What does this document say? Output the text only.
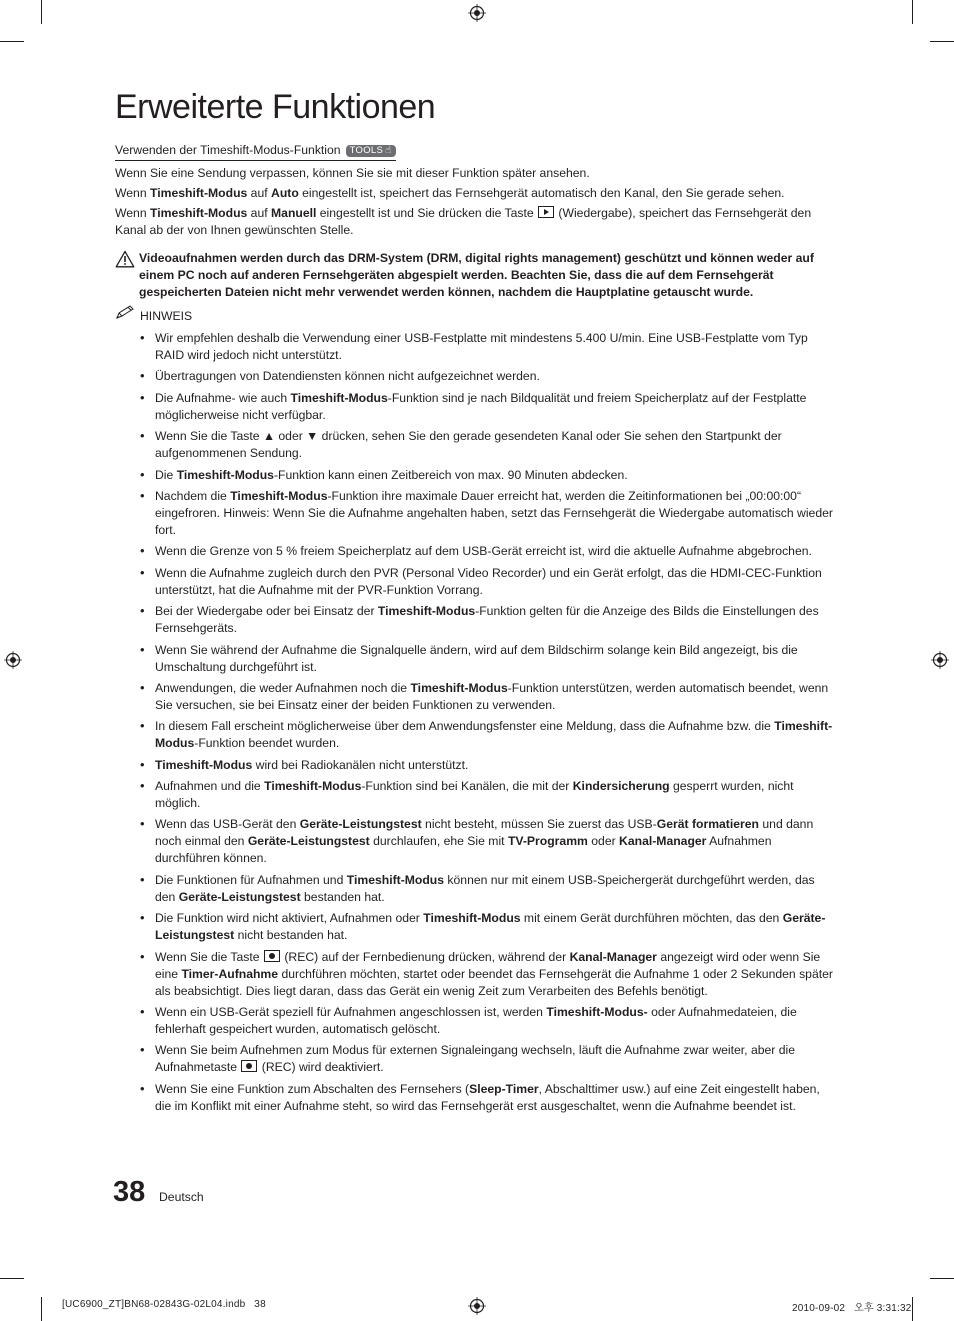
Erweiterte Funktionen
Verwenden der Timeshift-Modus-Funktion TOOLS ☝

Wenn Sie eine Sendung verpassen, können Sie sie mit dieser Funktion später ansehen.

Wenn Timeshift-Modus auf Auto eingestellt ist, speichert das Fernsehgerät automatisch den Kanal, den Sie gerade sehen.

Wenn Timeshift-Modus auf Manuell eingestellt ist und Sie drücken die Taste  (Wiedergabe), speichert das Fernsehgerät den Kanal ab der von Ihnen gewünschten Stelle.

Videoaufnahmen werden durch das DRM-System (DRM, digital rights management) geschützt und können weder auf einem PC noch auf anderen Fernsehgeräten abgespielt werden. Beachten Sie, dass die auf dem Fernsehgerät gespeicherten Dateien nicht mehr verwendet werden können, nachdem die Hauptplatine getauscht wurde.
HINWEIS
• Wir empfehlen deshalb die Verwendung einer USB-Festplatte mit mindestens 5.400 U/min. Eine USB-Festplatte vom Typ RAID wird jedoch nicht unterstützt.
• Übertragungen von Datendiensten können nicht aufgezeichnet werden.
• Die Aufnahme- wie auch Timeshift-Modus-Funktion sind je nach Bildqualität und freiem Speicherplatz auf der Festplatte möglicherweise nicht verfügbar.
• Wenn Sie die Taste ▲ oder ▼ drücken, sehen Sie den gerade gesendeten Kanal oder Sie sehen den Startpunkt der aufgenommenen Sendung.
• Die Timeshift-Modus-Funktion kann einen Zeitbereich von max. 90 Minuten abdecken.
• Nachdem die Timeshift-Modus-Funktion ihre maximale Dauer erreicht hat, werden die Zeitinformationen bei „00:00:00“ eingefroren. Hinweis: Wenn Sie die Aufnahme angehalten haben, setzt das Fernsehgerät die Wiedergabe automatisch wieder fort.
• Wenn die Grenze von 5 % freiem Speicherplatz auf dem USB-Gerät erreicht ist, wird die aktuelle Aufnahme abgebrochen.
• Wenn die Aufnahme zugleich durch den PVR (Personal Video Recorder) und ein Gerät erfolgt, das die HDMI-CEC-Funktion unterstützt, hat die Aufnahme mit der PVR-Funktion Vorrang.
• Bei der Wiedergabe oder bei Einsatz der Timeshift-Modus-Funktion gelten für die Anzeige des Bilds die Einstellungen des Fernsehgeräts.
• Wenn Sie während der Aufnahme die Signalquelle ändern, wird auf dem Bildschirm solange kein Bild angezeigt, bis die Umschaltung durchgeführt ist.
• Anwendungen, die weder Aufnahmen noch die Timeshift-Modus-Funktion unterstützen, werden automatisch beendet, wenn Sie versuchen, sie bei Einsatz einer der beiden Funktionen zu verwenden.
• In diesem Fall erscheint möglicherweise über dem Anwendungsfenster eine Meldung, dass die Aufnahme bzw. die Timeshift-Modus-Funktion beendet wurden.
• Timeshift-Modus wird bei Radiokanälen nicht unterstützt.
• Aufnahmen und die Timeshift-Modus-Funktion sind bei Kanälen, die mit der Kindersicherung gesperrt wurden, nicht möglich.
• Wenn das USB-Gerät den Geräte-Leistungstest nicht besteht, müssen Sie zuerst das USB-Gerät formatieren und dann noch einmal den Geräte-Leistungstest durchlaufen, ehe Sie mit TV-Programm oder Kanal-Manager Aufnahmen durchführen können.
• Die Funktionen für Aufnahmen und Timeshift-Modus können nur mit einem USB-Speichergerät durchgeführt werden, das den Geräte-Leistungstest bestanden hat.
• Die Funktion wird nicht aktiviert, Aufnahmen oder Timeshift-Modus mit einem Gerät durchführen möchten, das den Geräte-Leistungstest nicht bestanden hat.
• Wenn Sie die Taste  (REC) auf der Fernbedienung drücken, während der Kanal-Manager angezeigt wird oder wenn Sie eine Timer-Aufnahme durchführen möchten, startet oder beendet das Fernsehgerät die Aufnahme 1 oder 2 Sekunden später als beabsichtigt. Dies liegt daran, dass das Gerät ein wenig Zeit zum Verarbeiten des Befehls benötigt.
• Wenn ein USB-Gerät speziell für Aufnahmen angeschlossen ist, werden Timeshift-Modus- oder Aufnahmedateien, die fehlerhaft gespeichert wurden, automatisch gelöscht.
• Wenn Sie beim Aufnehmen zum Modus für externen Signaleingang wechseln, läuft die Aufnahme zwar weiter, aber die Aufnahmetaste  (REC) wird deaktiviert.
• Wenn Sie eine Funktion zum Abschalten des Fernsehers (Sleep-Timer, Abschalttimer usw.) auf eine Zeit eingestellt haben, die im Konflikt mit einer Aufnahme steht, so wird das Fernsehgerät erst ausgeschaltet, wenn die Aufnahme beendet ist.
38 Deutsch
[UC6900_ZT]BN68-02843G-02L04.indb   38	2010-09-02   오후 3:31:32
